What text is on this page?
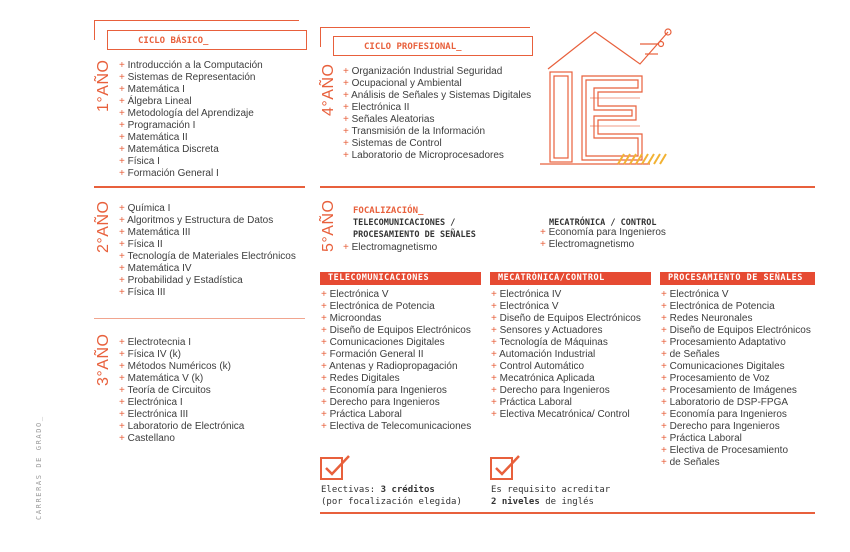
CICLO BÁSICO_
1°AÑO	+ Introducción a la Computación
+ Sistemas de Representación
+ Matemática I
+ Álgebra Lineal
+ Metodología del Aprendizaje
+ Programación I
+ Matemática II
+ Matemática Discreta
+ Física I
+ Formación General I
2°AÑO	+ Química I
+ Algoritmos y Estructura de Datos
+ Matemática III
+ Física II
+ Tecnología de Materiales Electrónicos
+ Matemática IV
+ Probabilidad y Estadística
+ Física III
3°AÑO	+ Electrotecnia I
+ Física IV (k)
+ Métodos Numéricos (k)
+ Matemática V (k)
+ Teoría de Circuitos
+ Electrónica I
+ Electrónica III
+ Laboratorio de Electrónica
+ Castellano
CICLO PROFESIONAL_
4°AÑO	+ Organización Industrial Seguridad
+ Ocupacional y Ambiental
+ Análisis de Señales y Sistemas Digitales
+ Electrónica II
+ Señales Aleatorias
+ Transmisión de la Información
+ Sistemas de Control
+ Laboratorio de Microprocesadores
5°AÑO FOCALIZACIÓN_
TELECOMUNICACIONES /
PROCESAMIENTO DE SEÑALES
+ Electromagnetismo
MECATRÓNICA / CONTROL
+ Economía para Ingenieros
+ Electromagnetismo
TELECOMUNICACIONES	MECATRÓNICA/CONTROL	PROCESAMIENTO DE SEÑALES
+ Electrónica V
+ Electrónica de Potencia
+ Microondas
+ Diseño de Equipos Electrónicos
+ Comunicaciones Digitales
+ Formación General II
+ Antenas y Radiopropagación
+ Redes Digitales
+ Economía para Ingenieros
+ Derecho para Ingenieros
+ Práctica Laboral
+ Electiva de Telecomunicaciones
+ Electrónica IV
+ Electrónica V
+ Diseño de Equipos Electrónicos
+ Sensores y Actuadores
+ Tecnología de Máquinas
+ Automación Industrial
+ Control Automático
+ Mecatrónica Aplicada
+ Derecho para Ingenieros
+ Práctica Laboral
+ Electiva Mecatrónica/ Control
+ Electrónica V
+ Electrónica de Potencia
+ Redes Neuronales
+ Diseño de Equipos Electrónicos
+ Procesamiento Adaptativo
+ de Señales
+ Comunicaciones Digitales
+ Procesamiento de Voz
+ Procesamiento de Imágenes
+ Laboratorio de DSP-FPGA
+ Economía para Ingenieros
+ Derecho para Ingenieros
+ Práctica Laboral
+ Electiva de Procesamiento
+ de Señales
Electivas: 3 créditos
(por focalización elegida)
Es requisito acreditar
2 niveles de inglés
CARRERAS DE GRADO_
